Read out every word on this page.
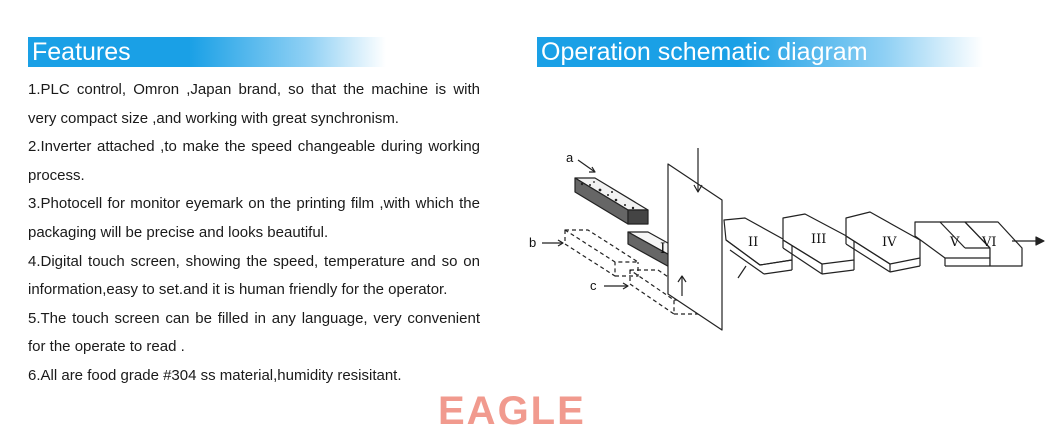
Features	Operation schematic diagram
1.PLC control, Omron ,Japan brand, so that the machine is with very compact size ,and working with great synchronism.
2.Inverter attached ,to make the speed changeable during working process.
3.Photocell for monitor eyemark on the printing film ,with which the packaging will be precise and looks beautiful.
4.Digital touch screen, showing the speed, temperature and so on information,easy to set.and it is human friendly for the operator.
5.The touch screen can be filled in any language, very convenient for the operate to read .
6.All are food grade #304 ss material,humidity resisitant.
I
a
b
c
II	III	IV	V VI
EAGLE
